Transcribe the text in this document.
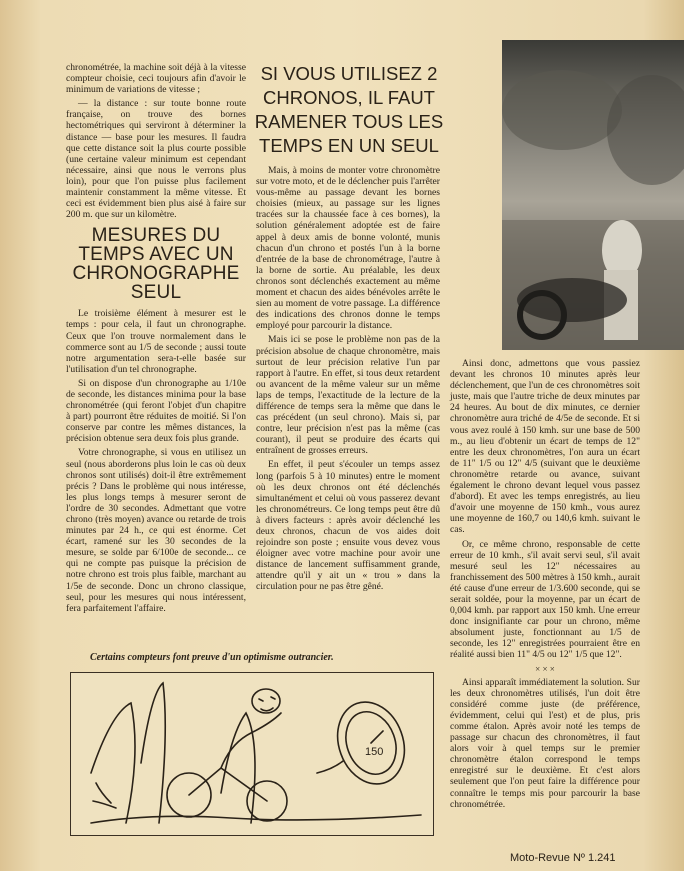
chronométrée, la machine soit déjà à la vitesse compteur choisie, ceci toujours afin d'avoir le minimum de variations de vitesse ;

— la distance : sur toute bonne route française, on trouve des bornes hectométriques qui serviront à déterminer la distance — base pour les mesures. Il faudra que cette distance soit la plus courte possible (une certaine valeur minimum est cependant nécessaire, ainsi que nous le verrons plus loin), pour que l'on puisse plus facilement maintenir constamment la même vitesse. Et ceci est évidemment bien plus aisé à faire sur 200 m. que sur un kilomètre.

MESURES DU TEMPS AVEC UN CHRONOGRAPHE SEUL

Le troisième élément à mesurer est le temps : pour cela, il faut un chronographe. Ceux que l'on trouve normalement dans le commerce sont au 1/5 de seconde ; aussi toute notre argumentation sera-t-elle basée sur l'utilisation d'un tel chronographe.

Si on dispose d'un chronographe au 1/10e de seconde, les distances minima pour la base chronométrée (qui feront l'objet d'un chapitre à part) pourront être réduites de moitié. Si l'on conserve par contre les mêmes distances, la précision obtenue sera deux fois plus grande.

Votre chronographe, si vous en utilisez un seul (nous aborderons plus loin le cas où deux chronos sont utilisés) doit-il être extrêmement précis ? Dans le problème qui nous intéresse, les plus longs temps à mesurer seront de l'ordre de 30 secondes. Admettant que votre chrono (très moyen) avance ou retarde de trois minutes par 24 h., ce qui est énorme. Cet écart, ramené sur les 30 secondes de la mesure, se solde par 6/100e de seconde... ce qui ne compte pas puisque la précision de notre chrono est trois plus faible, marchant au 1/5e de seconde. Donc un chrono classique, seul, pour les mesures qui nous intéressent, fera parfaitement l'affaire.

SI VOUS UTILISEZ 2 CHRONOS, IL FAUT RAMENER TOUS LES TEMPS EN UN SEUL

Mais, à moins de monter votre chronomètre sur votre moto, et de le déclencher puis l'arrêter vous-même au passage devant les bornes choisies (mieux, au passage sur les lignes tracées sur la chaussée face à ces bornes), la solution généralement adoptée est de faire appel à deux amis de bonne volonté, munis chacun d'un chrono et postés l'un à la borne d'entrée de la base de chronométrage, l'autre à la borne de sortie. Au préalable, les deux chronos sont déclenchés exactement au même moment et chacun des aides bénévoles arrête le sien au moment de votre passage. La différence des indications des chronos donne le temps employé pour parcourir la distance.

Mais ici se pose le problème non pas de la précision absolue de chaque chronomètre, mais surtout de leur précision relative l'un par rapport à l'autre. En effet, si tous deux retardent ou avancent de la même valeur sur un même laps de temps, l'exactitude de la lecture de la différence de temps sera la même que dans le cas précédent (un seul chrono). Mais si, par contre, leur précision n'est pas la même (cas courant), il peut se produire des écarts qui entraînent de grosses erreurs.

En effet, il peut s'écouler un temps assez long (parfois 5 à 10 minutes) entre le moment où les deux chronos ont été déclenchés simultanément et celui où vous passerez devant les chronométreurs. Ce long temps peut être dû à divers facteurs : après avoir déclenché les deux chronos, chacun de vos aides doit rejoindre son poste ; ensuite vous devez vous éloigner avec votre machine pour avoir une distance de lancement suffisamment grande, attendre qu'il y ait un « trou » dans la circulation pour ne pas être gêné.

Ainsi donc, admettons que vous passiez devant les chronos 10 minutes après leur déclenchement, que l'un de ces chronomètres soit juste, mais que l'autre triche de deux minutes par 24 heures. Au bout de dix minutes, ce dernier chronomètre aura triché de 4/5e de seconde. Et si vous avez roulé à 150 kmh. sur une base de 500 m., au lieu d'obtenir un écart de temps de 12" entre les deux chronomètres, l'on aura un écart de 11" 1/5 ou 12" 4/5 (suivant que le deuxième chronomètre retarde ou avance, suivant également le chrono devant lequel vous passez d'abord). Et avec les temps enregistrés, au lieu d'avoir une moyenne de 150 kmh., vous aurez une moyenne de 160,7 ou 140,6 kmh. suivant le cas.

Or, ce même chrono, responsable de cette erreur de 10 kmh., s'il avait servi seul, s'il avait mesuré seul les 12" nécessaires au franchissement des 500 mètres à 150 kmh., aurait été cause d'une erreur de 1/3.600 seconde, qui se serait soldée, pour la moyenne, par un écart de 0,004 kmh. par rapport aux 150 kmh. Une erreur donc insignifiante car pour un chrono, même absolument juste, fonctionnant au 1/5 de seconde, les 12" enregistrées pourraient être en réalité aussi bien 11" 4/5 ou 12" 1/5 que 12".

× × ×

Ainsi apparaît immédiatement la solution. Sur les deux chronomètres utilisés, l'un doit être considéré comme juste (de préférence, évidemment, celui qui l'est) et de plus, pris comme étalon. Après avoir noté les temps de passage sur chacun des chronomètres, il faut alors voir à quel temps sur le premier chronomètre étalon correspond le temps enregistré sur le deuxième. Et c'est alors seulement que l'on peut faire la différence pour connaître le temps mis pour parcourir la base chronométrée.

Certains compteurs font preuve d'un optimisme outrancier.
150
Moto-Revue Nº 1.241
